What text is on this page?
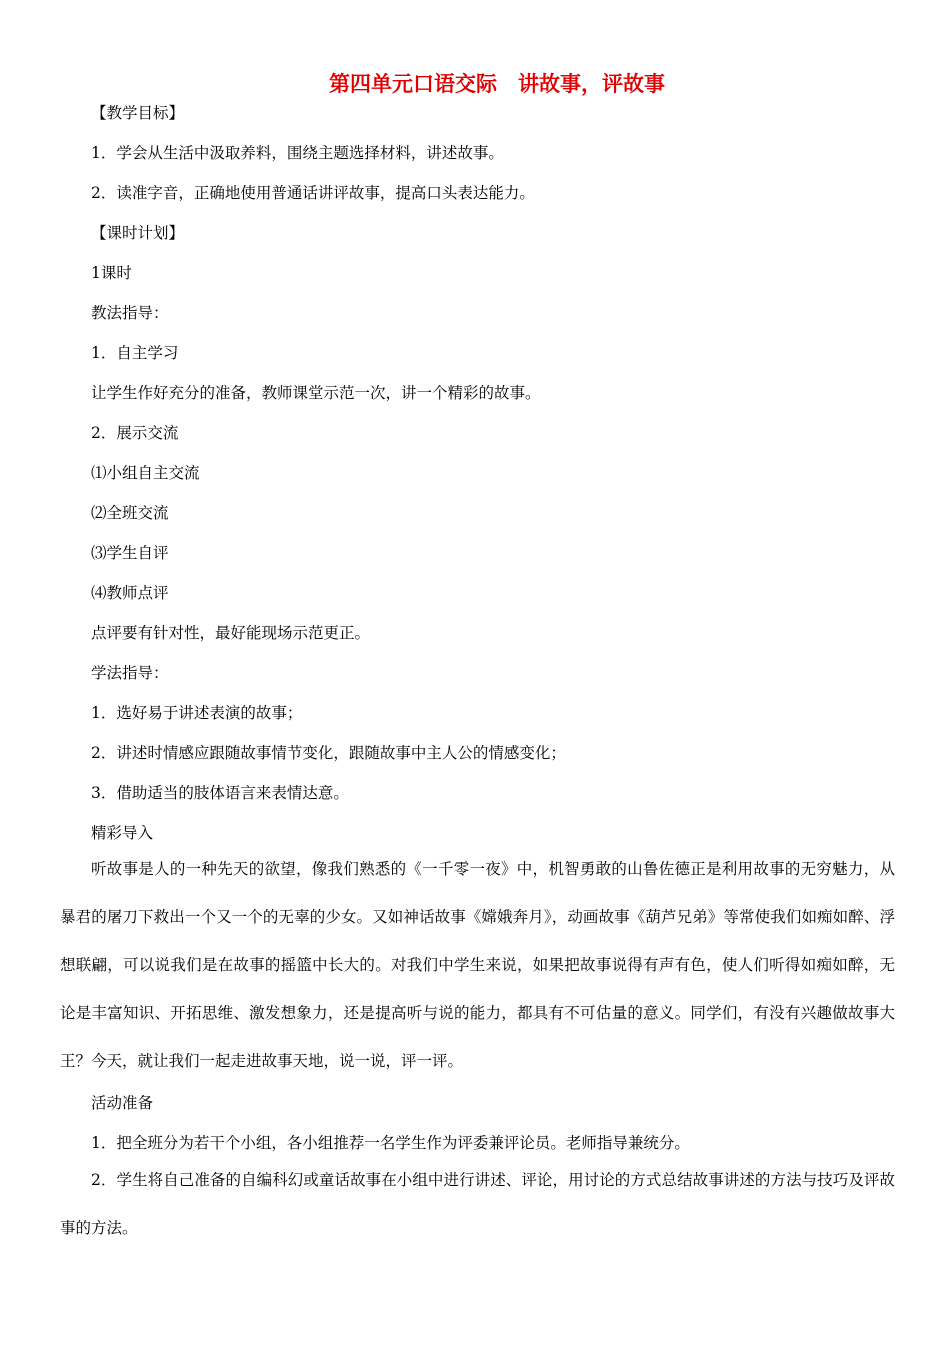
第四单元口语交际　讲故事，评故事
【教学目标】
1．学会从生活中汲取养料，围绕主题选择材料，讲述故事。
2．读准字音，正确地使用普通话讲评故事，提高口头表达能力。
【课时计划】
1课时
教法指导：
1．自主学习
让学生作好充分的准备，教师课堂示范一次，讲一个精彩的故事。
2．展示交流
⑴小组自主交流
⑵全班交流
⑶学生自评
⑷教师点评
点评要有针对性，最好能现场示范更正。
学法指导：
1．选好易于讲述表演的故事；
2．讲述时情感应跟随故事情节变化，跟随故事中主人公的情感变化；
3．借助适当的肢体语言来表情达意。
精彩导入
听故事是人的一种先天的欲望，像我们熟悉的《一千零一夜》中，机智勇敢的山鲁佐德正是利用故事的无穷魅力，从暴君的屠刀下救出一个又一个的无辜的少女。又如神话故事《嫦娥奔月》，动画故事《葫芦兄弟》等常使我们如痴如醉、浮想联翩，可以说我们是在故事的摇篮中长大的。对我们中学生来说，如果把故事说得有声有色，使人们听得如痴如醉，无论是丰富知识、开拓思维、激发想象力，还是提高听与说的能力，都具有不可估量的意义。同学们，有没有兴趣做故事大王？今天，就让我们一起走进故事天地，说一说，评一评。
活动准备
1．把全班分为若干个小组，各小组推荐一名学生作为评委兼评论员。老师指导兼统分。
2．学生将自己准备的自编科幻或童话故事在小组中进行讲述、评论，用讨论的方式总结故事讲述的方法与技巧及评故事的方法。
